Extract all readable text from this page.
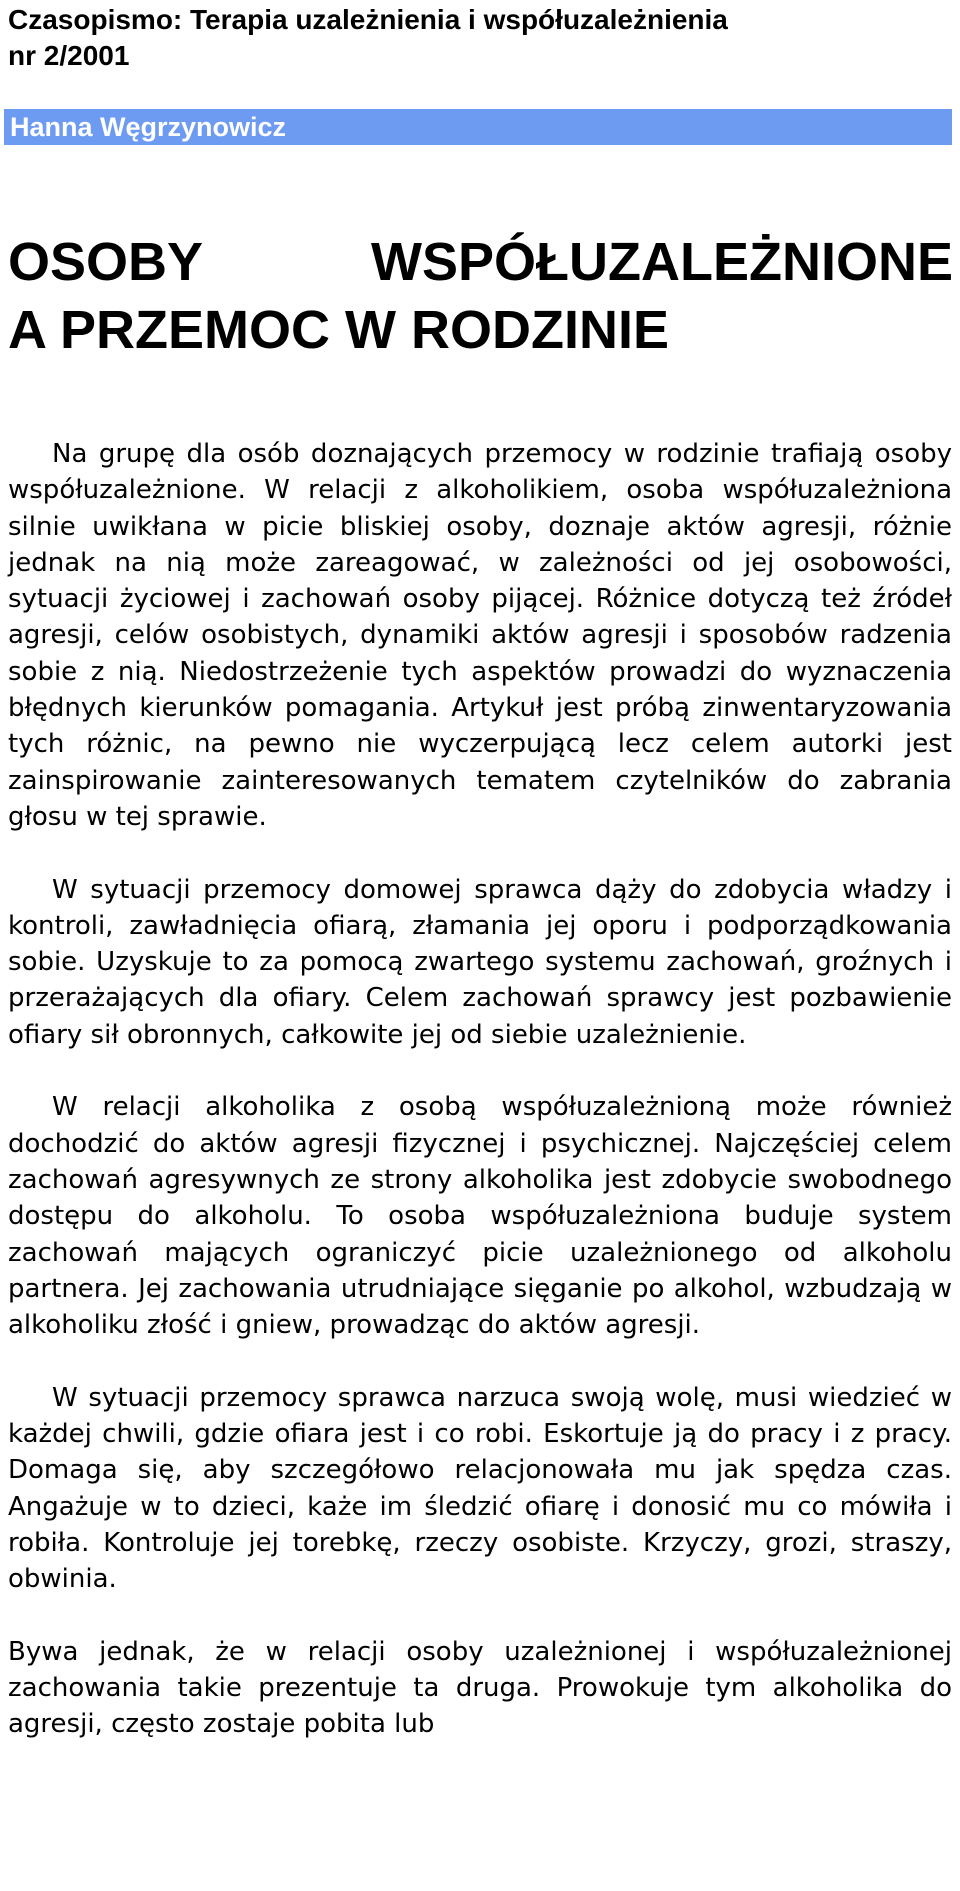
Czasopismo: Terapia uzależnienia i współuzależnienia
nr 2/2001
Hanna Węgrzynowicz
OSOBY WSPÓŁUZALEŻNIONE
A PRZEMOC W RODZINIE

Na grupę dla osób doznających przemocy w rodzinie trafiają osoby współuzależnione. W relacji z alkoholikiem, osoba współuzależniona silnie uwikłana w picie bliskiej osoby, doznaje aktów agresji, różnie jednak na nią może zareagować, w zależności od jej osobowości, sytuacji życiowej i zachowań osoby pijącej. Różnice dotyczą też źródeł agresji, celów osobistych, dynamiki aktów agresji i sposobów radzenia sobie z nią. Niedostrzeżenie tych aspektów prowadzi do wyznaczenia błędnych kierunków pomagania. Artykuł jest próbą zinwentaryzowania tych różnic, na pewno nie wyczerpującą lecz celem autorki jest zainspirowanie zainteresowanych tematem czytelników do zabrania głosu w tej sprawie.

W sytuacji przemocy domowej sprawca dąży do zdobycia władzy i kontroli, zawładnięcia ofiarą, złamania jej oporu i podporządkowania sobie. Uzyskuje to za pomocą zwartego systemu zachowań, groźnych i przerażających dla ofiary. Celem zachowań sprawcy jest pozbawienie ofiary sił obronnych, całkowite jej od siebie uzależnienie.

W relacji alkoholika z osobą współuzależnioną może również dochodzić do aktów agresji fizycznej i psychicznej. Najczęściej celem zachowań agresywnych ze strony alkoholika jest zdobycie swobodnego dostępu do alkoholu. To osoba współuzależniona buduje system zachowań mających ograniczyć picie uzależnionego od alkoholu partnera. Jej zachowania utrudniające sięganie po alkohol, wzbudzają w alkoholiku złość i gniew, prowadząc do aktów agresji.

W sytuacji przemocy sprawca narzuca swoją wolę, musi wiedzieć w każdej chwili, gdzie ofiara jest i co robi. Eskortuje ją do pracy i z pracy. Domaga się, aby szczegółowo relacjonowała mu jak spędza czas. Angażuje w to dzieci, każe im śledzić ofiarę i donosić mu co mówiła i robiła. Kontroluje jej torebkę, rzeczy osobiste. Krzyczy, grozi, straszy, obwinia.

Bywa jednak, że w relacji osoby uzależnionej i współuzależnionej zachowania takie prezentuje ta druga. Prowokuje tym alkoholika do agresji, często zostaje pobita lub
